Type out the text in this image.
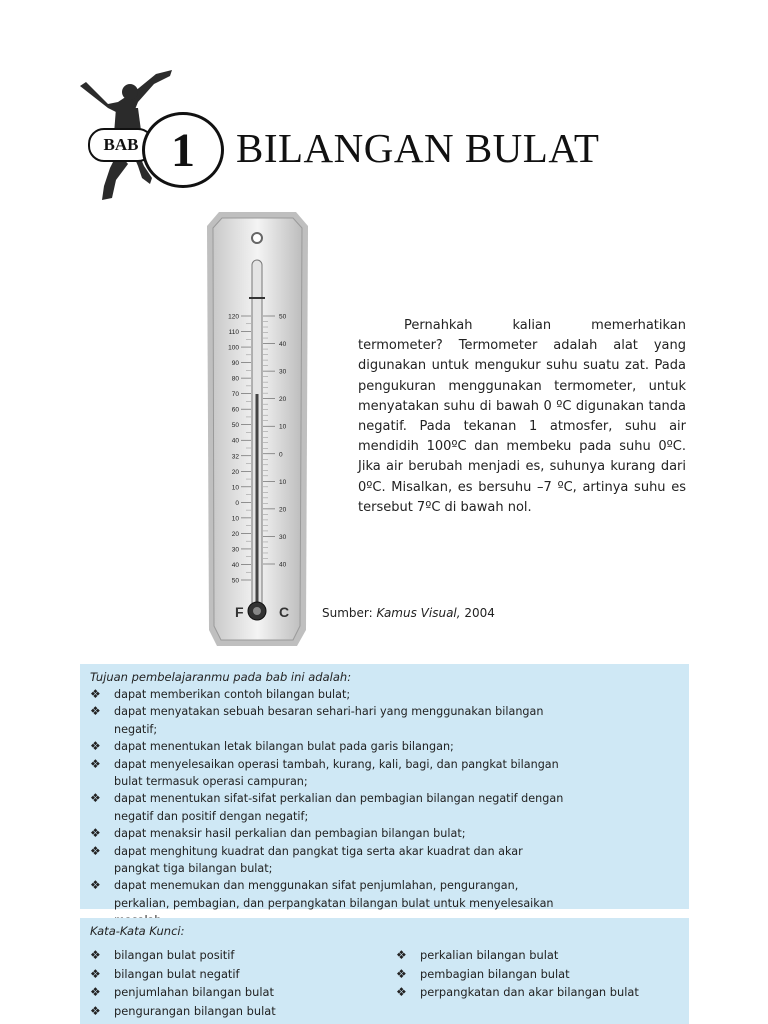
BAB 1 BILANGAN BULAT
120
110
100
90
80
70
60
50
40
32
20
10
0
10
20
30
40
50
50
40
30
20
10
0
10
20
30
40
F	C

Pernahkah kalian memerhatikan termometer? Termometer adalah alat yang digunakan untuk mengukur suhu suatu zat. Pada pengukuran menggunakan termometer, untuk menyatakan suhu di bawah 0 ºC digunakan tanda negatif. Pada tekanan 1 atmosfer, suhu air mendidih 100ºC dan membeku pada suhu 0ºC. Jika air berubah menjadi es, suhunya kurang dari 0ºC. Misalkan, es bersuhu –7 ºC, artinya suhu es tersebut 7ºC di bawah nol.

Sumber: Kamus Visual, 2004
Tujuan pembelajaranmu pada bab ini adalah:
❖ dapat memberikan contoh bilangan bulat;
❖ dapat menyatakan sebuah besaran sehari-hari yang menggunakan bilangan negatif;
❖ dapat menentukan letak bilangan bulat pada garis bilangan;
❖ dapat menyelesaikan operasi tambah, kurang, kali, bagi, dan pangkat bilangan bulat termasuk operasi campuran;
❖ dapat menentukan sifat-sifat perkalian dan pembagian bilangan negatif dengan negatif dan positif dengan negatif;
❖ dapat menaksir hasil perkalian dan pembagian bilangan bulat;
❖ dapat menghitung kuadrat dan pangkat tiga serta akar kuadrat dan akar pangkat tiga bilangan bulat;
❖ dapat menemukan dan menggunakan sifat penjumlahan, pengurangan, perkalian, pembagian, dan perpangkatan bilangan bulat untuk menyelesaikan
Kata-Kata Kunci:
❖ bilangan bulat positif
❖ bilangan bulat negatif
❖ penjumlahan bilangan bulat
❖ pengurangan bilangan bulat
❖ perkalian bilangan bulat
❖ pembagian bilangan bulat
❖ perpangkatan dan akar bilangan bulat
